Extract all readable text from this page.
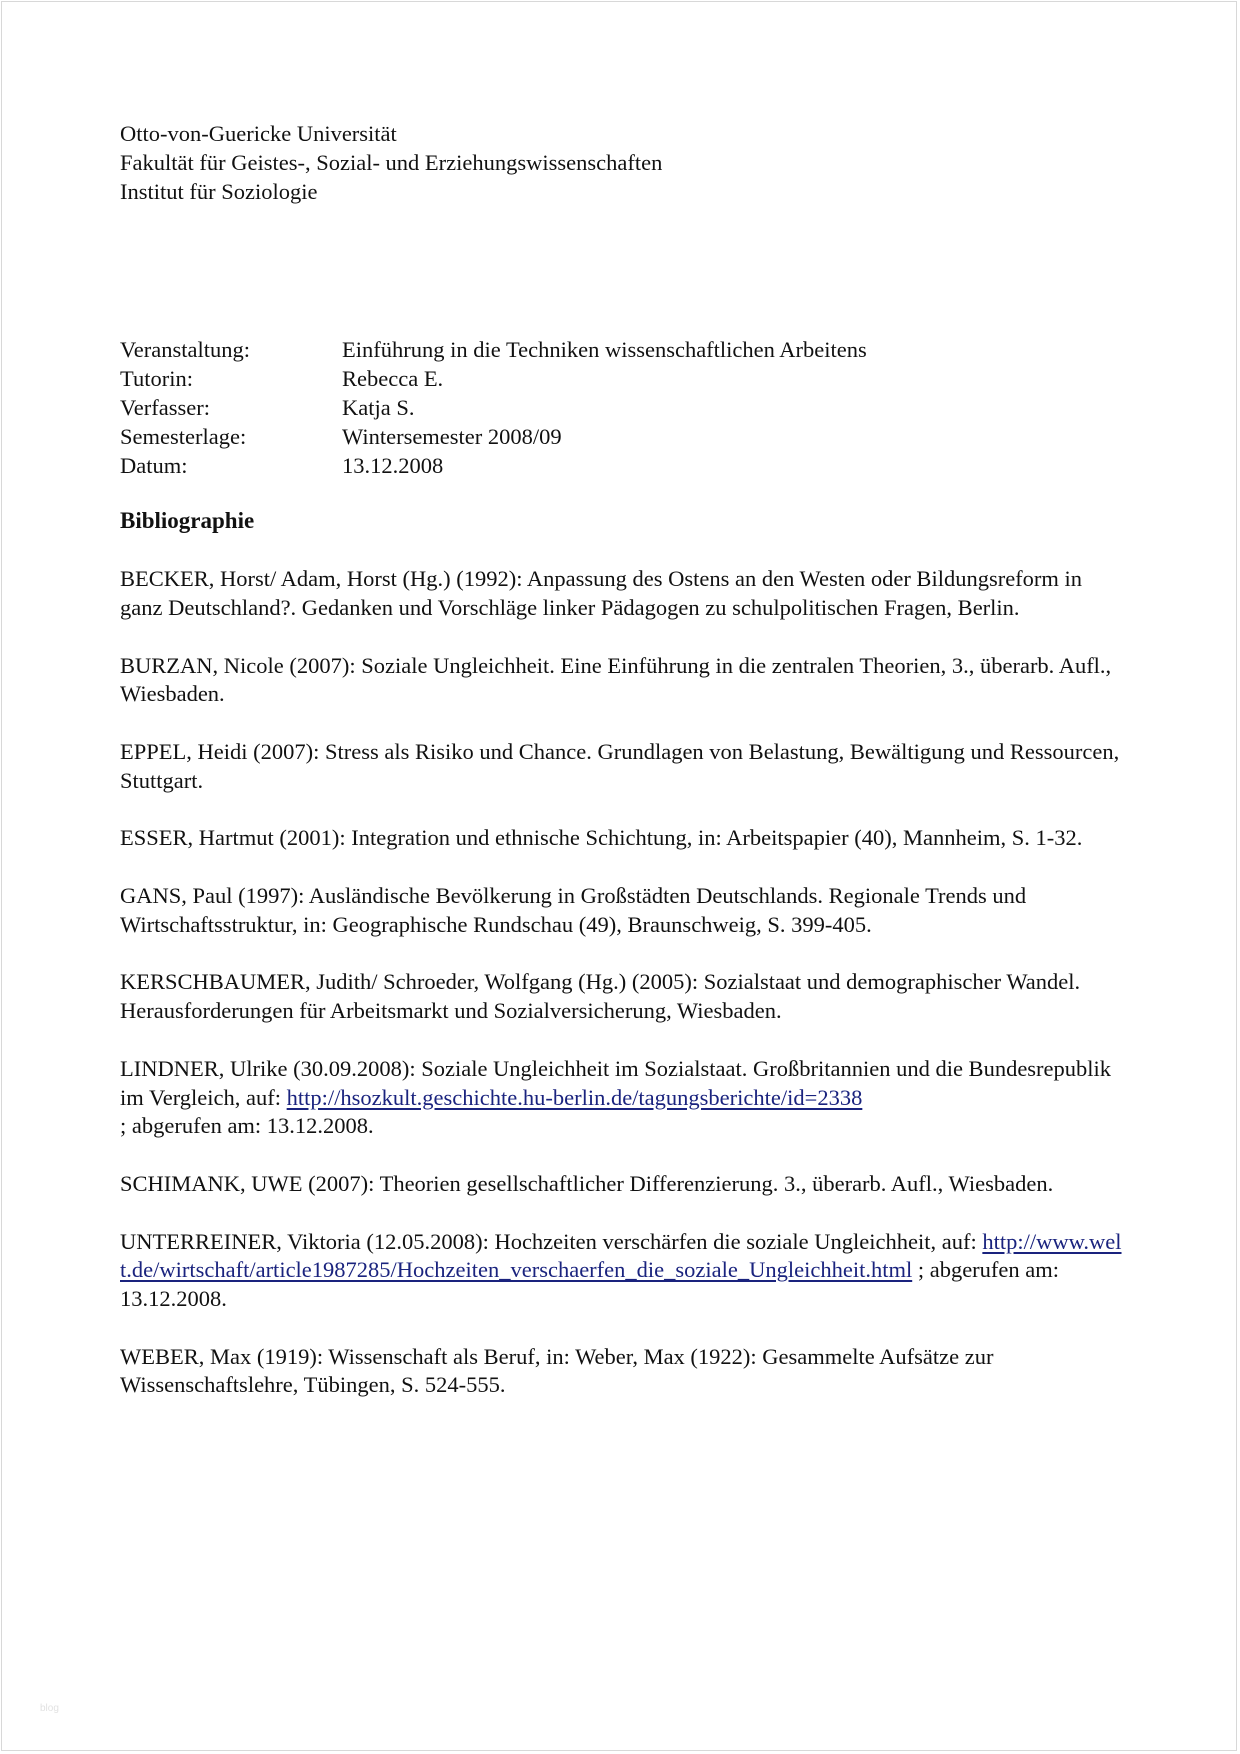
Otto-von-Guericke Universität
Fakultät für Geistes-, Sozial- und Erziehungswissenschaften
Institut für Soziologie
Veranstaltung:	Einführung in die Techniken wissenschaftlichen Arbeitens
Tutorin:	Rebecca E.
Verfasser:	Katja S.
Semesterlage:	Wintersemester 2008/09
Datum:	13.12.2008
Bibliographie

BECKER, Horst/ Adam, Horst (Hg.) (1992): Anpassung des Ostens an den Westen oder Bildungsreform in ganz Deutschland?. Gedanken und Vorschläge linker Pädagogen zu schulpolitischen Fragen, Berlin.

BURZAN, Nicole (2007): Soziale Ungleichheit. Eine Einführung in die zentralen Theorien, 3., überarb. Aufl., Wiesbaden.

EPPEL, Heidi (2007): Stress als Risiko und Chance. Grundlagen von Belastung, Bewältigung und Ressourcen, Stuttgart.

ESSER, Hartmut (2001): Integration und ethnische Schichtung, in: Arbeitspapier (40), Mannheim, S. 1-32.

GANS, Paul (1997): Ausländische Bevölkerung in Großstädten Deutschlands. Regionale Trends und Wirtschaftsstruktur, in: Geographische Rundschau (49), Braunschweig, S. 399-405.

KERSCHBAUMER, Judith/ Schroeder, Wolfgang (Hg.) (2005): Sozialstaat und demographischer Wandel. Herausforderungen für Arbeitsmarkt und Sozialversicherung, Wiesbaden.

LINDNER, Ulrike (30.09.2008): Soziale Ungleichheit im Sozialstaat. Großbritannien und die Bundesrepublik im Vergleich, auf: http://hsozkult.geschichte.hu-berlin.de/tagungsberichte/id=2338
; abgerufen am: 13.12.2008.

SCHIMANK, UWE (2007): Theorien gesellschaftlicher Differenzierung. 3., überarb. Aufl., Wiesbaden.

UNTERREINER, Viktoria (12.05.2008): Hochzeiten verschärfen die soziale Ungleichheit, auf: http://www.welt.de/wirtschaft/article1987285/Hochzeiten_verschaerfen_die_soziale_Ungleichheit.html ; abgerufen am: 13.12.2008.

WEBER, Max (1919): Wissenschaft als Beruf, in: Weber, Max (1922): Gesammelte Aufsätze zur Wissenschaftslehre, Tübingen, S. 524-555.

blog
